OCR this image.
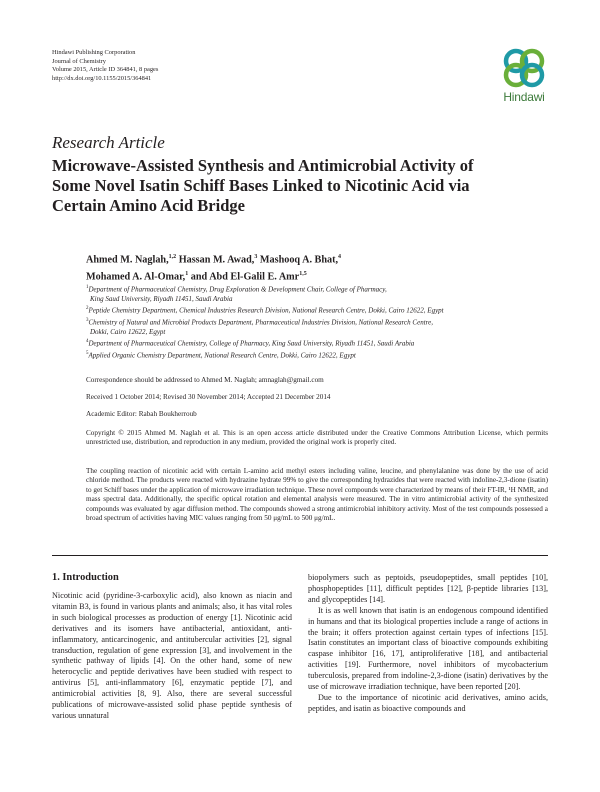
Hindawi Publishing Corporation
Journal of Chemistry
Volume 2015, Article ID 364841, 8 pages
http://dx.doi.org/10.1155/2015/364841
Hindawi
Research Article
Microwave-Assisted Synthesis and Antimicrobial Activity of Some Novel Isatin Schiff Bases Linked to Nicotinic Acid via Certain Amino Acid Bridge
Ahmed M. Naglah,$^{1,2}$ Hassan M. Awad,$^3$ Mashooq A. Bhat,$^4$
Mohamed A. Al-Omar,$^1$ and Abd El-Galil E. Amr$^{1,5}$
$^1$Department of Pharmaceutical Chemistry, Drug Exploration & Development Chair, College of Pharmacy,
King Saud University, Riyadh 11451, Saudi Arabia
$^2$Peptide Chemistry Department, Chemical Industries Research Division, National Research Centre, Dokki, Cairo 12622, Egypt
$^3$Chemistry of Natural and Microbial Products Department, Pharmaceutical Industries Division, National Research Centre,
Dokki, Cairo 12622, Egypt
$^4$Department of Pharmaceutical Chemistry, College of Pharmacy, King Saud University, Riyadh 11451, Saudi Arabia
$^5$Applied Organic Chemistry Department, National Research Centre, Dokki, Cairo 12622, Egypt
Correspondence should be addressed to Ahmed M. Naglah; amnaglah@gmail.com
Received 1 October 2014; Revised 30 November 2014; Accepted 21 December 2014
Academic Editor: Rabah Boukherroub
Copyright © 2015 Ahmed M. Naglah et al. This is an open access article distributed under the Creative Commons Attribution License, which permits unrestricted use, distribution, and reproduction in any medium, provided the original work is properly cited.
The coupling reaction of nicotinic acid with certain L-amino acid methyl esters including valine, leucine, and phenylalanine was done by the use of acid chloride method. The products were reacted with hydrazine hydrate 99% to give the corresponding hydrazides that were reacted with indoline-2,3-dione (isatin) to get Schiff bases under the application of microwave irradiation technique. These novel compounds were characterized by means of their FT-IR, ¹H NMR, and mass spectral data. Additionally, the specific optical rotation and elemental analysis were measured. The in vitro antimicrobial activity of the synthesized compounds was evaluated by agar diffusion method. The compounds showed a strong antimicrobial inhibitory activity. Most of the test compounds possessed a broad spectrum of activities having MIC values ranging from 50 μg/mL to 500 μg/mL.
1. Introduction

Nicotinic acid (pyridine-3-carboxylic acid), also known as niacin and vitamin B3, is found in various plants and animals; also, it has vital roles in such biological processes as production of energy [1]. Nicotinic acid derivatives and its isomers have antibacterial, antioxidant, anti-inflammatory, anticarcinogenic, and antitubercular activities [2], signal transduction, regulation of gene expression [3], and involvement in the synthetic pathway of lipids [4]. On the other hand, some of new heterocyclic and peptide derivatives have been studied with respect to antivirus [5], anti-inflammatory [6], enzymatic peptide [7], and antimicrobial activities [8, 9]. Also, there are several successful publications of microwave-assisted solid phase peptide synthesis of various unnatural

biopolymers such as peptoids, pseudopeptides, small peptides [10], phosphopeptides [11], difficult peptides [12], β-peptide libraries [13], and glycopeptides [14].

It is as well known that isatin is an endogenous compound identified in humans and that its biological properties include a range of actions in the brain; it offers protection against certain types of infections [15]. Isatin constitutes an important class of bioactive compounds exhibiting caspase inhibitor [16, 17], antiproliferative [18], and antibacterial activities [19]. Furthermore, novel inhibitors of mycobacterium tuberculosis, prepared from indoline-2,3-dione (isatin) derivatives by the use of microwave irradiation technique, have been reported [20].

Due to the importance of nicotinic acid derivatives, amino acids, peptides, and isatin as bioactive compounds and
